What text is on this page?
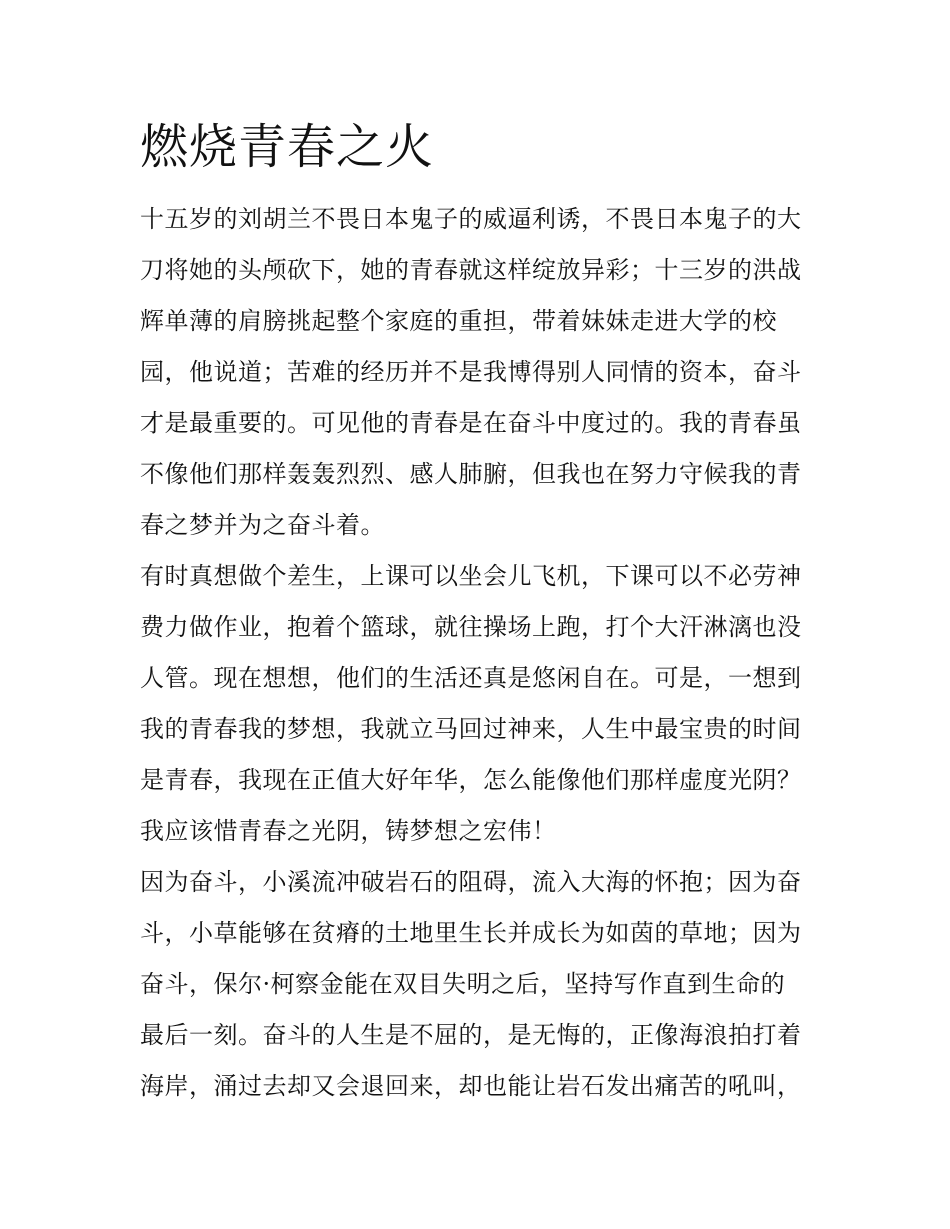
燃烧青春之火
十五岁的刘胡兰不畏日本鬼子的威逼利诱，不畏日本鬼子的大
刀将她的头颅砍下，她的青春就这样绽放异彩；十三岁的洪战
辉单薄的肩膀挑起整个家庭的重担，带着妹妹走进大学的校
园，他说道；苦难的经历并不是我博得别人同情的资本，奋斗
才是最重要的。可见他的青春是在奋斗中度过的。我的青春虽
不像他们那样轰轰烈烈、感人肺腑，但我也在努力守候我的青
春之梦并为之奋斗着。
有时真想做个差生，上课可以坐会儿飞机，下课可以不必劳神
费力做作业，抱着个篮球，就往操场上跑，打个大汗淋漓也没
人管。现在想想，他们的生活还真是悠闲自在。可是，一想到
我的青春我的梦想，我就立马回过神来，人生中最宝贵的时间
是青春，我现在正值大好年华，怎么能像他们那样虚度光阴？
我应该惜青春之光阴，铸梦想之宏伟！
因为奋斗，小溪流冲破岩石的阻碍，流入大海的怀抱；因为奋
斗，小草能够在贫瘠的土地里生长并成长为如茵的草地；因为
奋斗，保尔·柯察金能在双目失明之后，坚持写作直到生命的
最后一刻。奋斗的人生是不屈的，是无悔的，正像海浪拍打着
海岸，涌过去却又会退回来，却也能让岩石发出痛苦的吼叫，
